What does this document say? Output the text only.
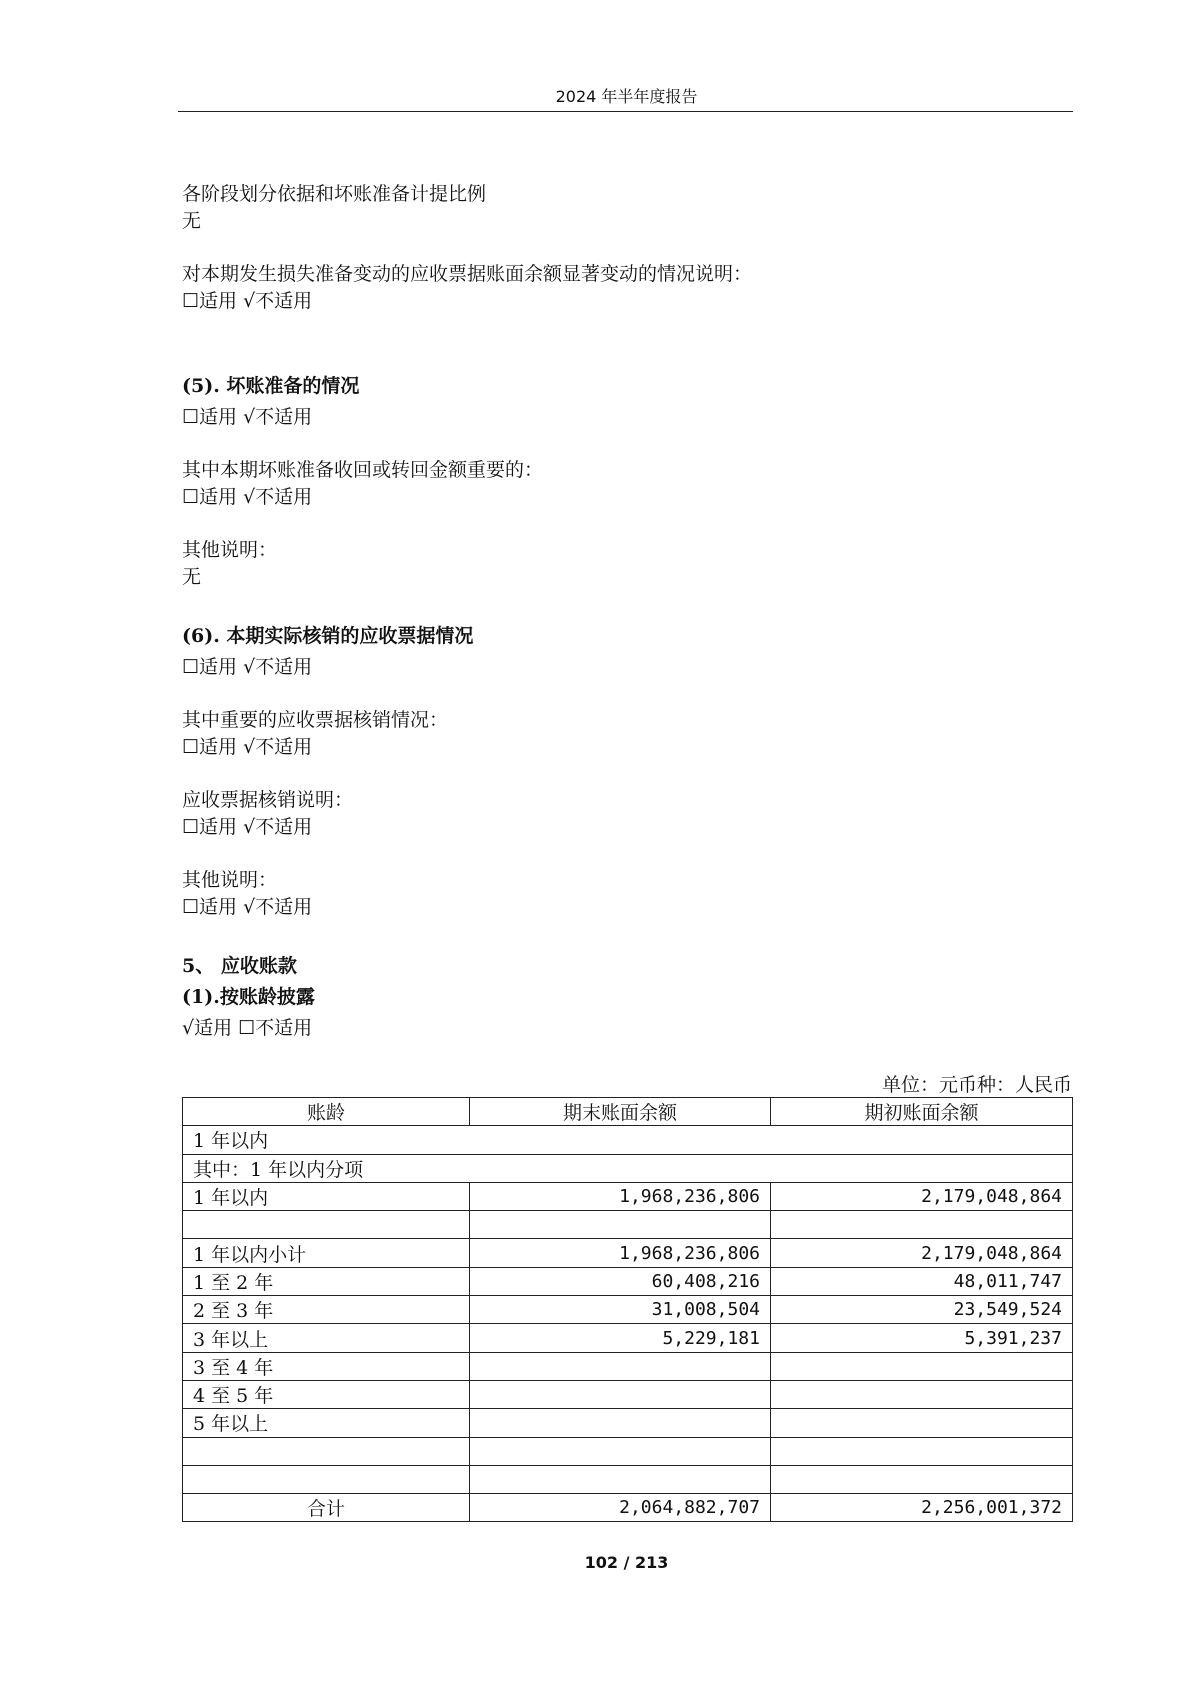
2024 年半年度报告
各阶段划分依据和坏账准备计提比例
无
对本期发生损失准备变动的应收票据账面余额显著变动的情况说明：
☐适用 √不适用
(5). 坏账准备的情况
☐适用 √不适用
其中本期坏账准备收回或转回金额重要的：
☐适用 √不适用
其他说明：
无
(6). 本期实际核销的应收票据情况
☐适用 √不适用
其中重要的应收票据核销情况：
☐适用 √不适用
应收票据核销说明：
☐适用 √不适用
其他说明：
☐适用 √不适用
5、 应收账款
(1).按账龄披露
√适用 ☐不适用
单位：元币种：人民币
账龄	期末账面余额	期初账面余额
1 年以内		
其中：1 年以内分项		
1 年以内	1,968,236,806	2,179,048,864

1 年以内小计	1,968,236,806	2,179,048,864
1 至 2 年	60,408,216	48,011,747
2 至 3 年	31,008,504	23,549,524
3 年以上	5,229,181	5,391,237
3 至 4 年		
4 至 5 年		
5 年以上		

合计	2,064,882,707	2,256,001,372
102 / 213
